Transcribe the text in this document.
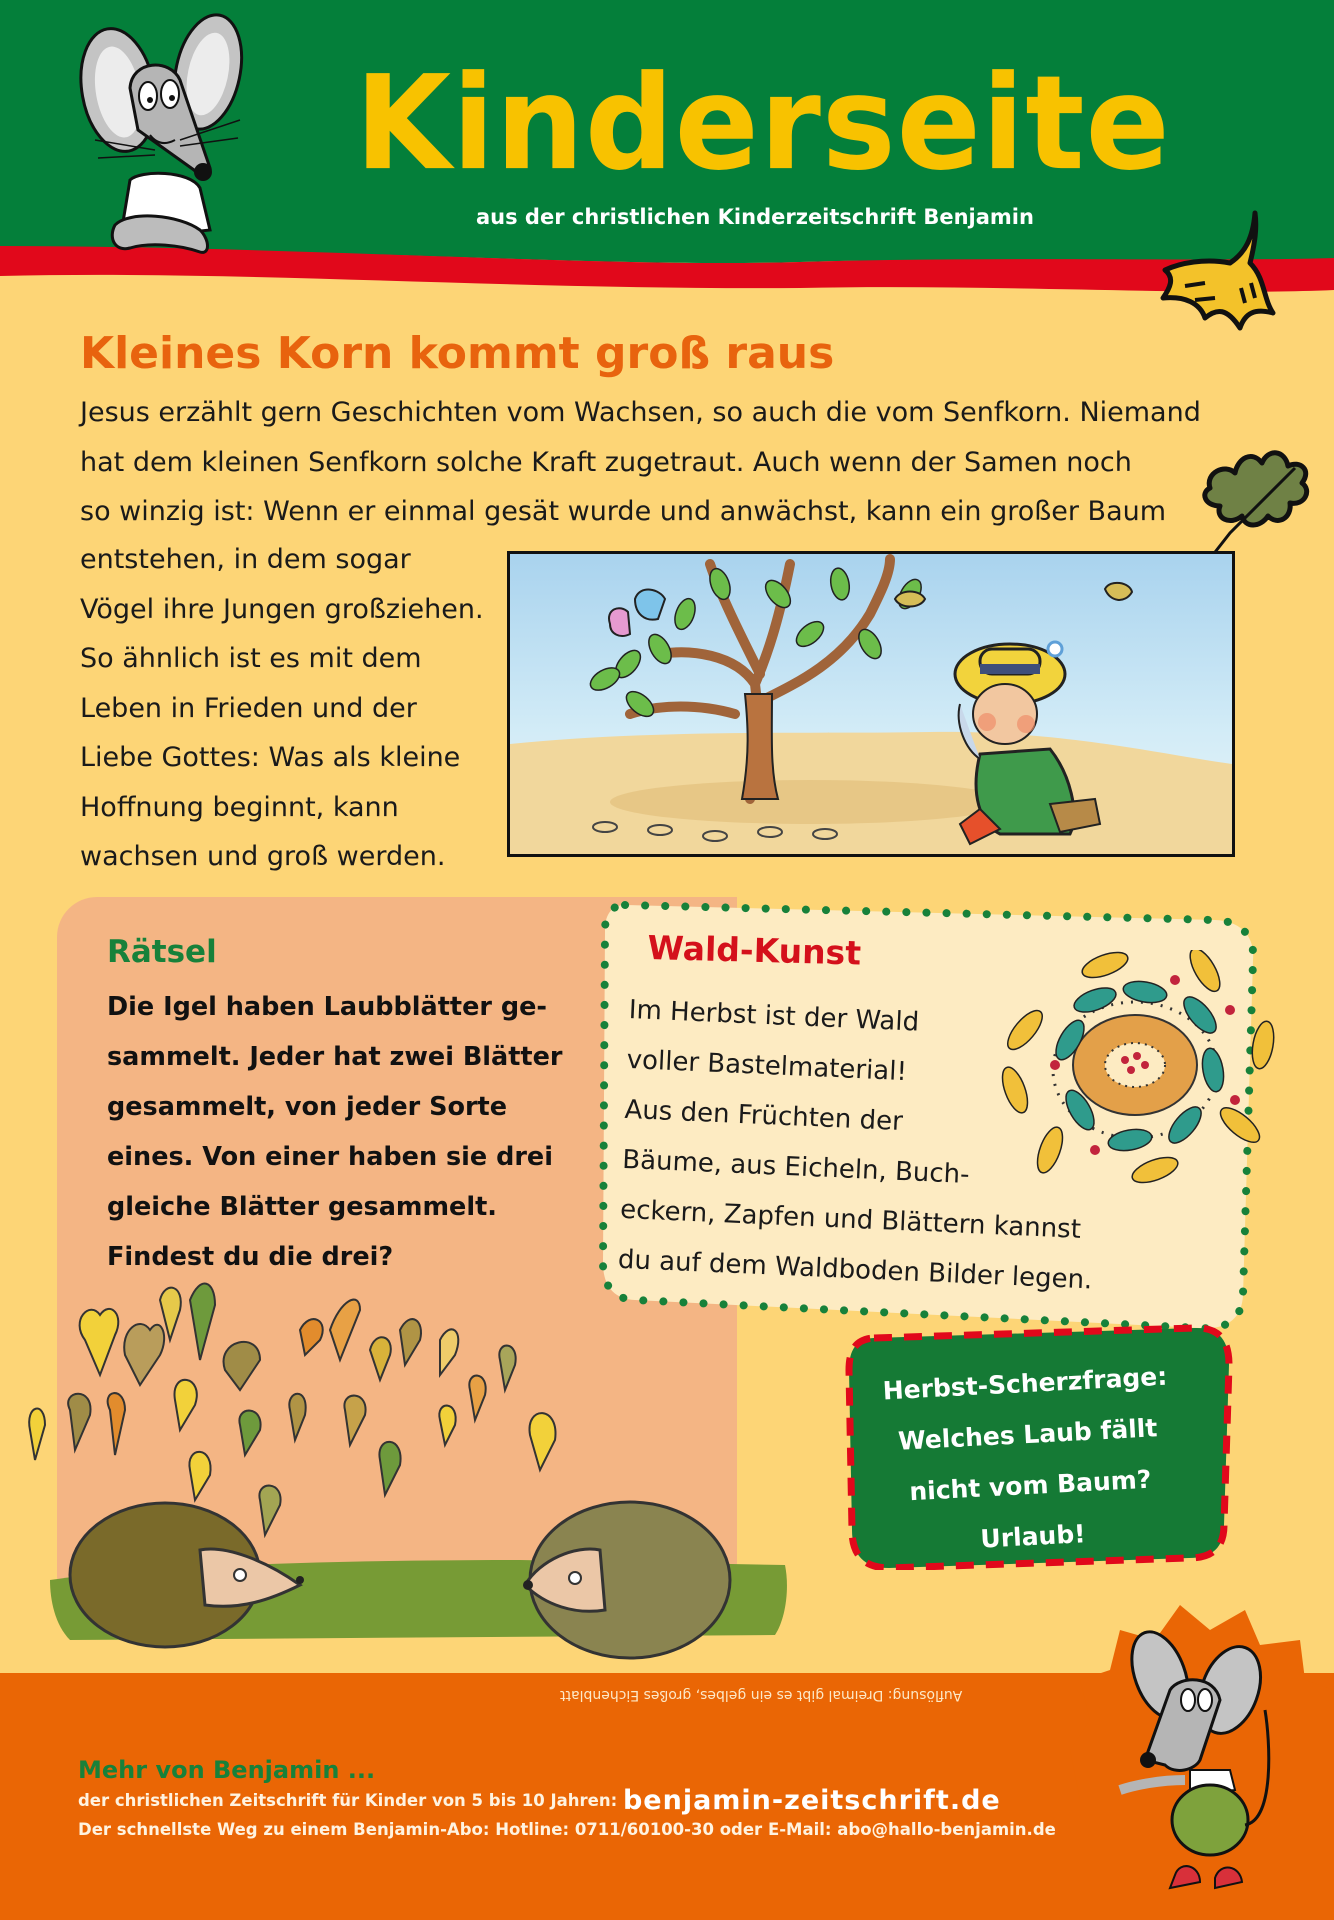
Kinderseite
aus der christlichen Kinderzeitschrift Benjamin
Kleines Korn kommt groß raus
Jesus erzählt gern Geschichten vom Wachsen, so auch die vom Senfkorn. Niemand
hat dem kleinen Senfkorn solche Kraft zugetraut. Auch wenn der Samen noch
so winzig ist: Wenn er einmal gesät wurde und anwächst, kann ein großer Baum
entstehen, in dem sogar
Vögel ihre Jungen großziehen.
So ähnlich ist es mit dem
Leben in Frieden und der
Liebe Gottes: Was als kleine
Hoffnung beginnt, kann
wachsen und groß werden.
Rätsel
Die Igel haben Laubblätter ge-
sammelt. Jeder hat zwei Blätter
gesammelt, von jeder Sorte
eines. Von einer haben sie drei
gleiche Blätter gesammelt.
Findest du die drei?
Wald-Kunst
Im Herbst ist der Wald
voller Bastelmaterial!
Aus den Früchten der
Bäume, aus Eicheln, Buch-
eckern, Zapfen und Blättern kannst
du auf dem Waldboden Bilder legen.
Herbst-Scherzfrage:
Welches Laub fällt
nicht vom Baum?
Urlaub!
Auflösung: Dreimal gibt es ein gelbes, großes Eichenblatt
Mehr von Benjamin ...
der christlichen Zeitschrift für Kinder von 5 bis 10 Jahren: benjamin-zeitschrift.de
Der schnellste Weg zu einem Benjamin-Abo: Hotline: 0711/60100-30 oder E-Mail: abo@hallo-benjamin.de
